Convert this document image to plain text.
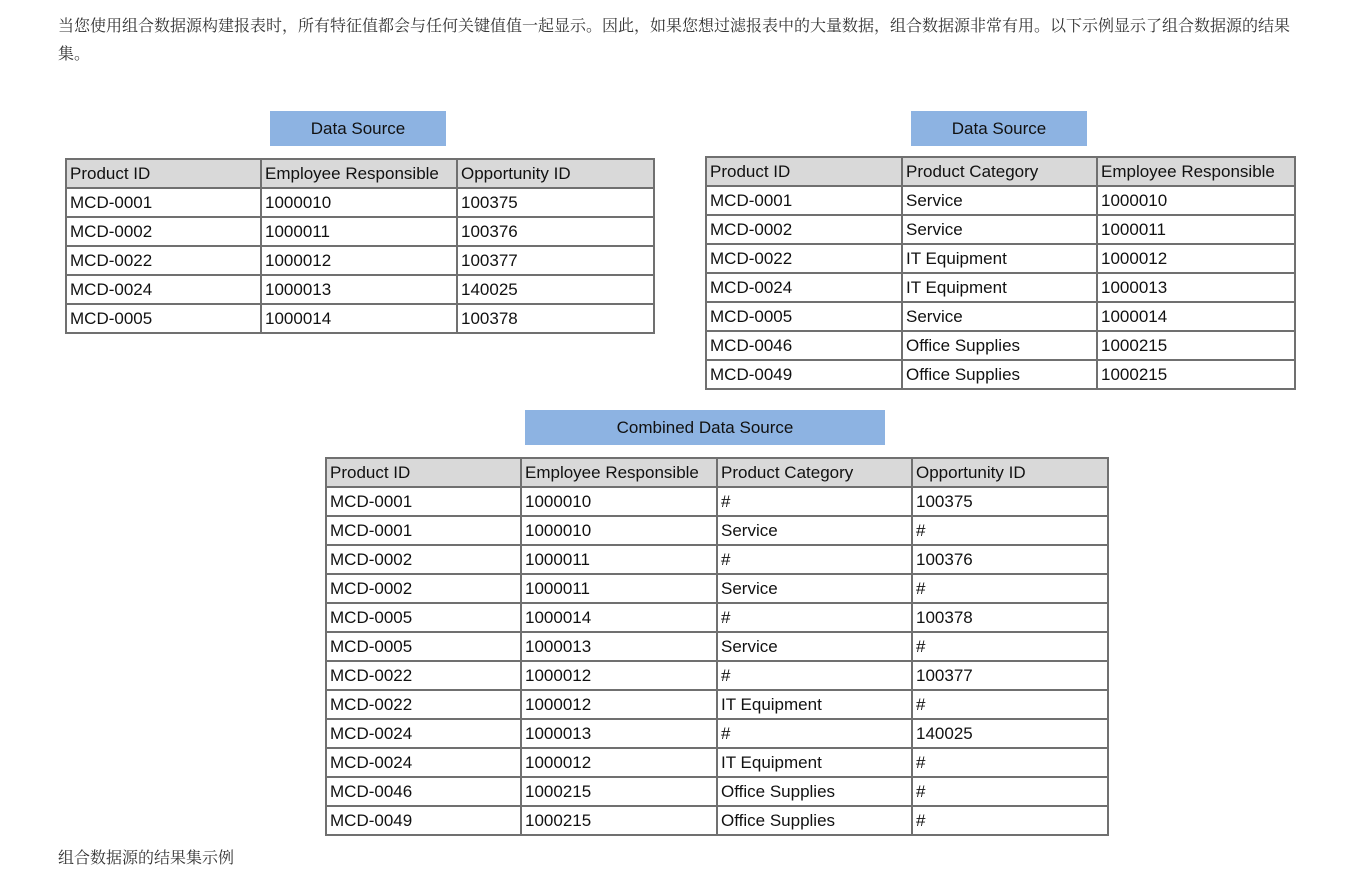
当您使用组合数据源构建报表时，所有特征值都会与任何关键值值一起显示。因此，如果您想过滤报表中的大量数据，组合数据源非常有用。以下示例显示了组合数据源的结果集。

Data Source
Product ID	Employee Responsible	Opportunity ID
MCD-0001	1000010	100375
MCD-0002	1000011	100376
MCD-0022	1000012	100377
MCD-0024	1000013	140025
MCD-0005	1000014	100378
Data Source
Product ID	Product Category	Employee Responsible
MCD-0001	Service	1000010
MCD-0002	Service	1000011
MCD-0022	IT Equipment	1000012
MCD-0024	IT Equipment	1000013
MCD-0005	Service	1000014
MCD-0046	Office Supplies	1000215
MCD-0049	Office Supplies	1000215
Combined Data Source
Product ID	Employee Responsible	Product Category	Opportunity ID
MCD-0001	1000010	#	100375
MCD-0001	1000010	Service	#
MCD-0002	1000011	#	100376
MCD-0002	1000011	Service	#
MCD-0005	1000014	#	100378
MCD-0005	1000013	Service	#
MCD-0022	1000012	#	100377
MCD-0022	1000012	IT Equipment	#
MCD-0024	1000013	#	140025
MCD-0024	1000012	IT Equipment	#
MCD-0046	1000215	Office Supplies	#
MCD-0049	1000215	Office Supplies	#

组合数据源的结果集示例
